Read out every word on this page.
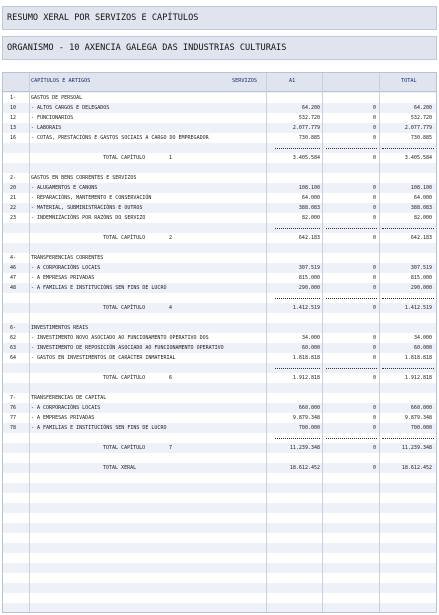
RESUMO XERAL POR SERVIZOS E CAPÍTULOS
ORGANISMO - 10 AXENCIA GALEGA DAS INDUSTRIAS CULTURAIS
CAPÍTULOS E ARTIGOS	SERVIZOS	A1	TOTAL
1-	GASTOS DE PERSOAL
10	- ALTOS CARGOS E DELEGADOS	64.200	0	64.200
12	- FUNCIONARIOS	532.720	0	532.720
13	- LABORAIS	2.077.779	0	2.077.779
16	- COTAS, PRESTACIÓNS E GASTOS SOCIAIS A CARGO DO EMPREGADOR	730.885	0	730.885
TOTAL CAPÍTULO	1	3.405.584	0	3.405.584
2-	GASTOS EN BENS CORRENTES E SERVIZOS
20	- ALUGAMENTOS E CANONS	108.100	0	108.100
21	- REPARACIÓNS, MANTEMENTO E CONSERVACIÓN	64.000	0	64.000
22	- MATERIAL, SUBMINISTRACIÓNS E OUTROS	388.083	0	388.083
23	- INDEMNIZACIÓNS POR RAZÓNS DO SERVIZO	82.000	0	82.000
TOTAL CAPÍTULO	2	642.183	0	642.183
4-	TRANSFERENCIAS CORRENTES
46	- A CORPORACIÓNS LOCAIS	307.519	0	307.519
47	- A EMPRESAS PRIVADAS	815.000	0	815.000
48	- A FAMILIAS E INSTITUCIÓNS SEN FINS DE LUCRO	290.000	0	290.000
TOTAL CAPÍTULO	4	1.412.519	0	1.412.519
6-	INVESTIMENTOS REAIS
62	- INVESTIMENTO NOVO ASOCIADO AO FUNCIONAMENTO OPERATIVO DOS	34.000	0	34.000
63	- INVESTIMENTO DE REPOSICIÓN ASOCIADO AO FUNCIONAMENTO OPERATIVO	60.000	0	60.000
64	- GASTOS EN INVESTIMENTOS DE CARÁCTER INMATERIAL	1.818.818	0	1.818.818
TOTAL CAPÍTULO	6	1.912.818	0	1.912.818
7-	TRANSFERENCIAS DE CAPITAL
76	- A CORPORACIÓNS LOCAIS	660.000	0	660.000
77	- A EMPRESAS PRIVADAS	9.879.348	0	9.879.348
78	- A FAMILIAS E INSTITUCIÓNS SEN FINS DE LUCRO	700.000	0	700.000
TOTAL CAPÍTULO	7	11.239.348	0	11.239.348
TOTAL XERAL	18.612.452	0	18.612.452
